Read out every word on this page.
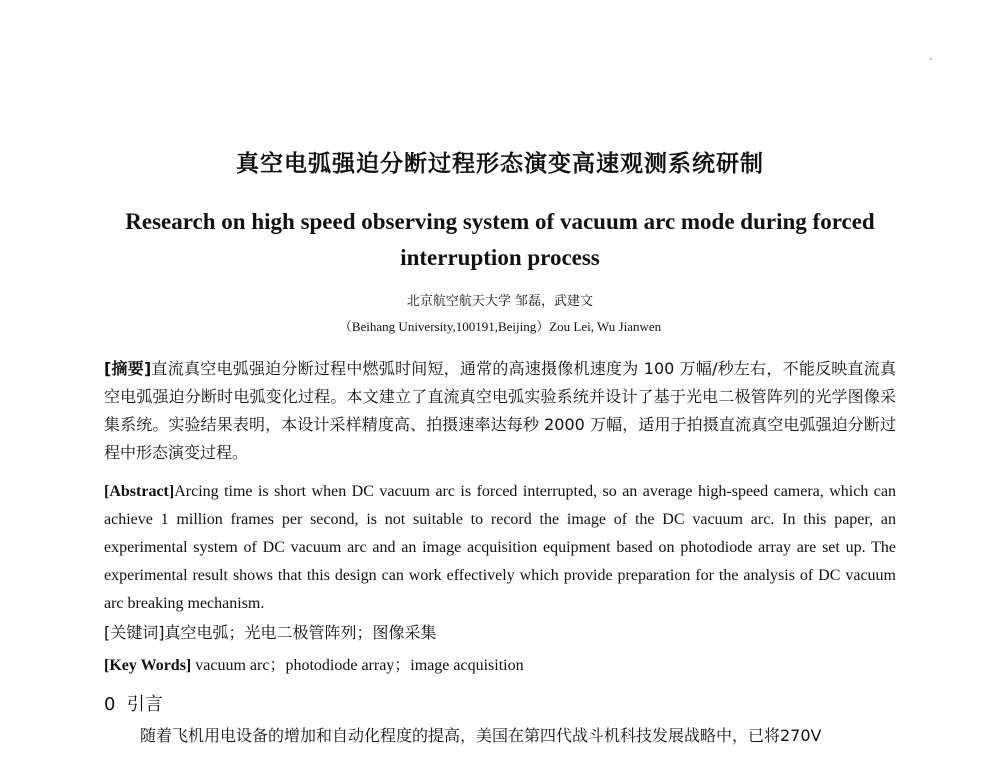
真空电弧强迫分断过程形态演变高速观测系统研制
Research on high speed observing system of vacuum arc mode during forced interruption process
北京航空航天大学 邹磊，武建文
（Beihang University,100191,Beijing）Zou Lei, Wu Jianwen
[摘要]直流真空电弧强迫分断过程中燃弧时间短，通常的高速摄像机速度为 100 万幅/秒左右，不能反映直流真空电弧强迫分断时电弧变化过程。本文建立了直流真空电弧实验系统并设计了基于光电二极管阵列的光学图像采集系统。实验结果表明，本设计采样精度高、拍摄速率达每秒 2000 万幅，适用于拍摄直流真空电弧强迫分断过程中形态演变过程。
[Abstract]Arcing time is short when DC vacuum arc is forced interrupted, so an average high-speed camera, which can achieve 1 million frames per second, is not suitable to record the image of the DC vacuum arc. In this paper, an experimental system of DC vacuum arc and an image acquisition equipment based on photodiode array are set up. The experimental result shows that this design can work effectively which provide preparation for the analysis of DC vacuum arc breaking mechanism.
[关键词]真空电弧；光电二极管阵列；图像采集
[Key Words] vacuum arc；photodiode array；image acquisition
0 引言
随着飞机用电设备的增加和自动化程度的提高，美国在第四代战斗机科技发展战略中，已将270V
